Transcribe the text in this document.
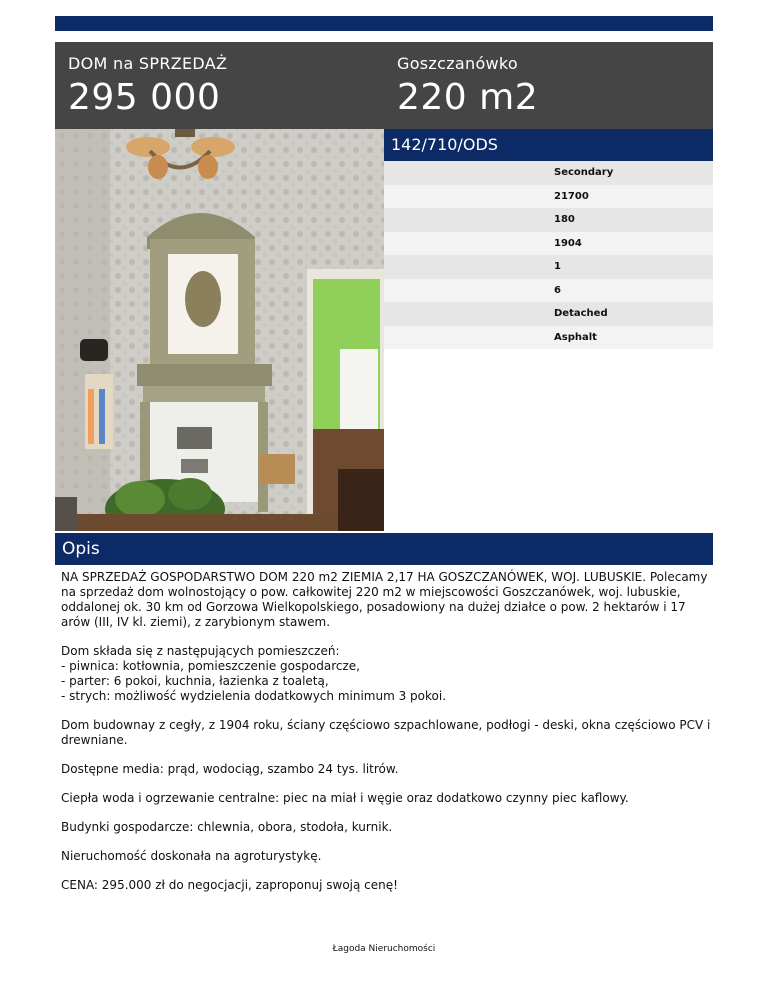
DOM na SPRZEDAŻ
295 000
Goszczanówko
220 m2
142/710/ODS
Secondary
21700
180
1904
1
6
Detached
Asphalt
Opis

NA SPRZEDAŻ GOSPODARSTWO DOM 220 m2 ZIEMIA 2,17 HA GOSZCZANÓWEK, WOJ. LUBUSKIE. Polecamy na sprzedaż dom wolnostojący o pow. całkowitej 220 m2 w miejscowości Goszczanówek, woj. lubuskie, oddalonej ok. 30 km od Gorzowa Wielkopolskiego, posadowiony na dużej działce o pow. 2 hektarów i 17 arów (III, IV kl. ziemi), z zarybionym stawem.

Dom składa się z następujących pomieszczeń:
- piwnica: kotłownia, pomieszczenie gospodarcze,
- parter: 6 pokoi, kuchnia, łazienka z toaletą,
- strych: możliwość wydzielenia dodatkowych minimum 3 pokoi.

Dom budownay z cegły, z 1904 roku, ściany częściowo szpachlowane, podłogi - deski, okna częściowo PCV i drewniane.

Dostępne media: prąd, wodociąg, szambo 24 tys. litrów.

Ciepła woda i ogrzewanie centralne: piec na miał i węgie oraz dodatkowo czynny piec kaflowy.

Budynki gospodarcze: chlewnia, obora, stodoła, kurnik.

Nieruchomość doskonała na agroturystykę.

CENA: 295.000 zł do negocjacji, zaproponuj swoją cenę!

Łagoda Nieruchomości
